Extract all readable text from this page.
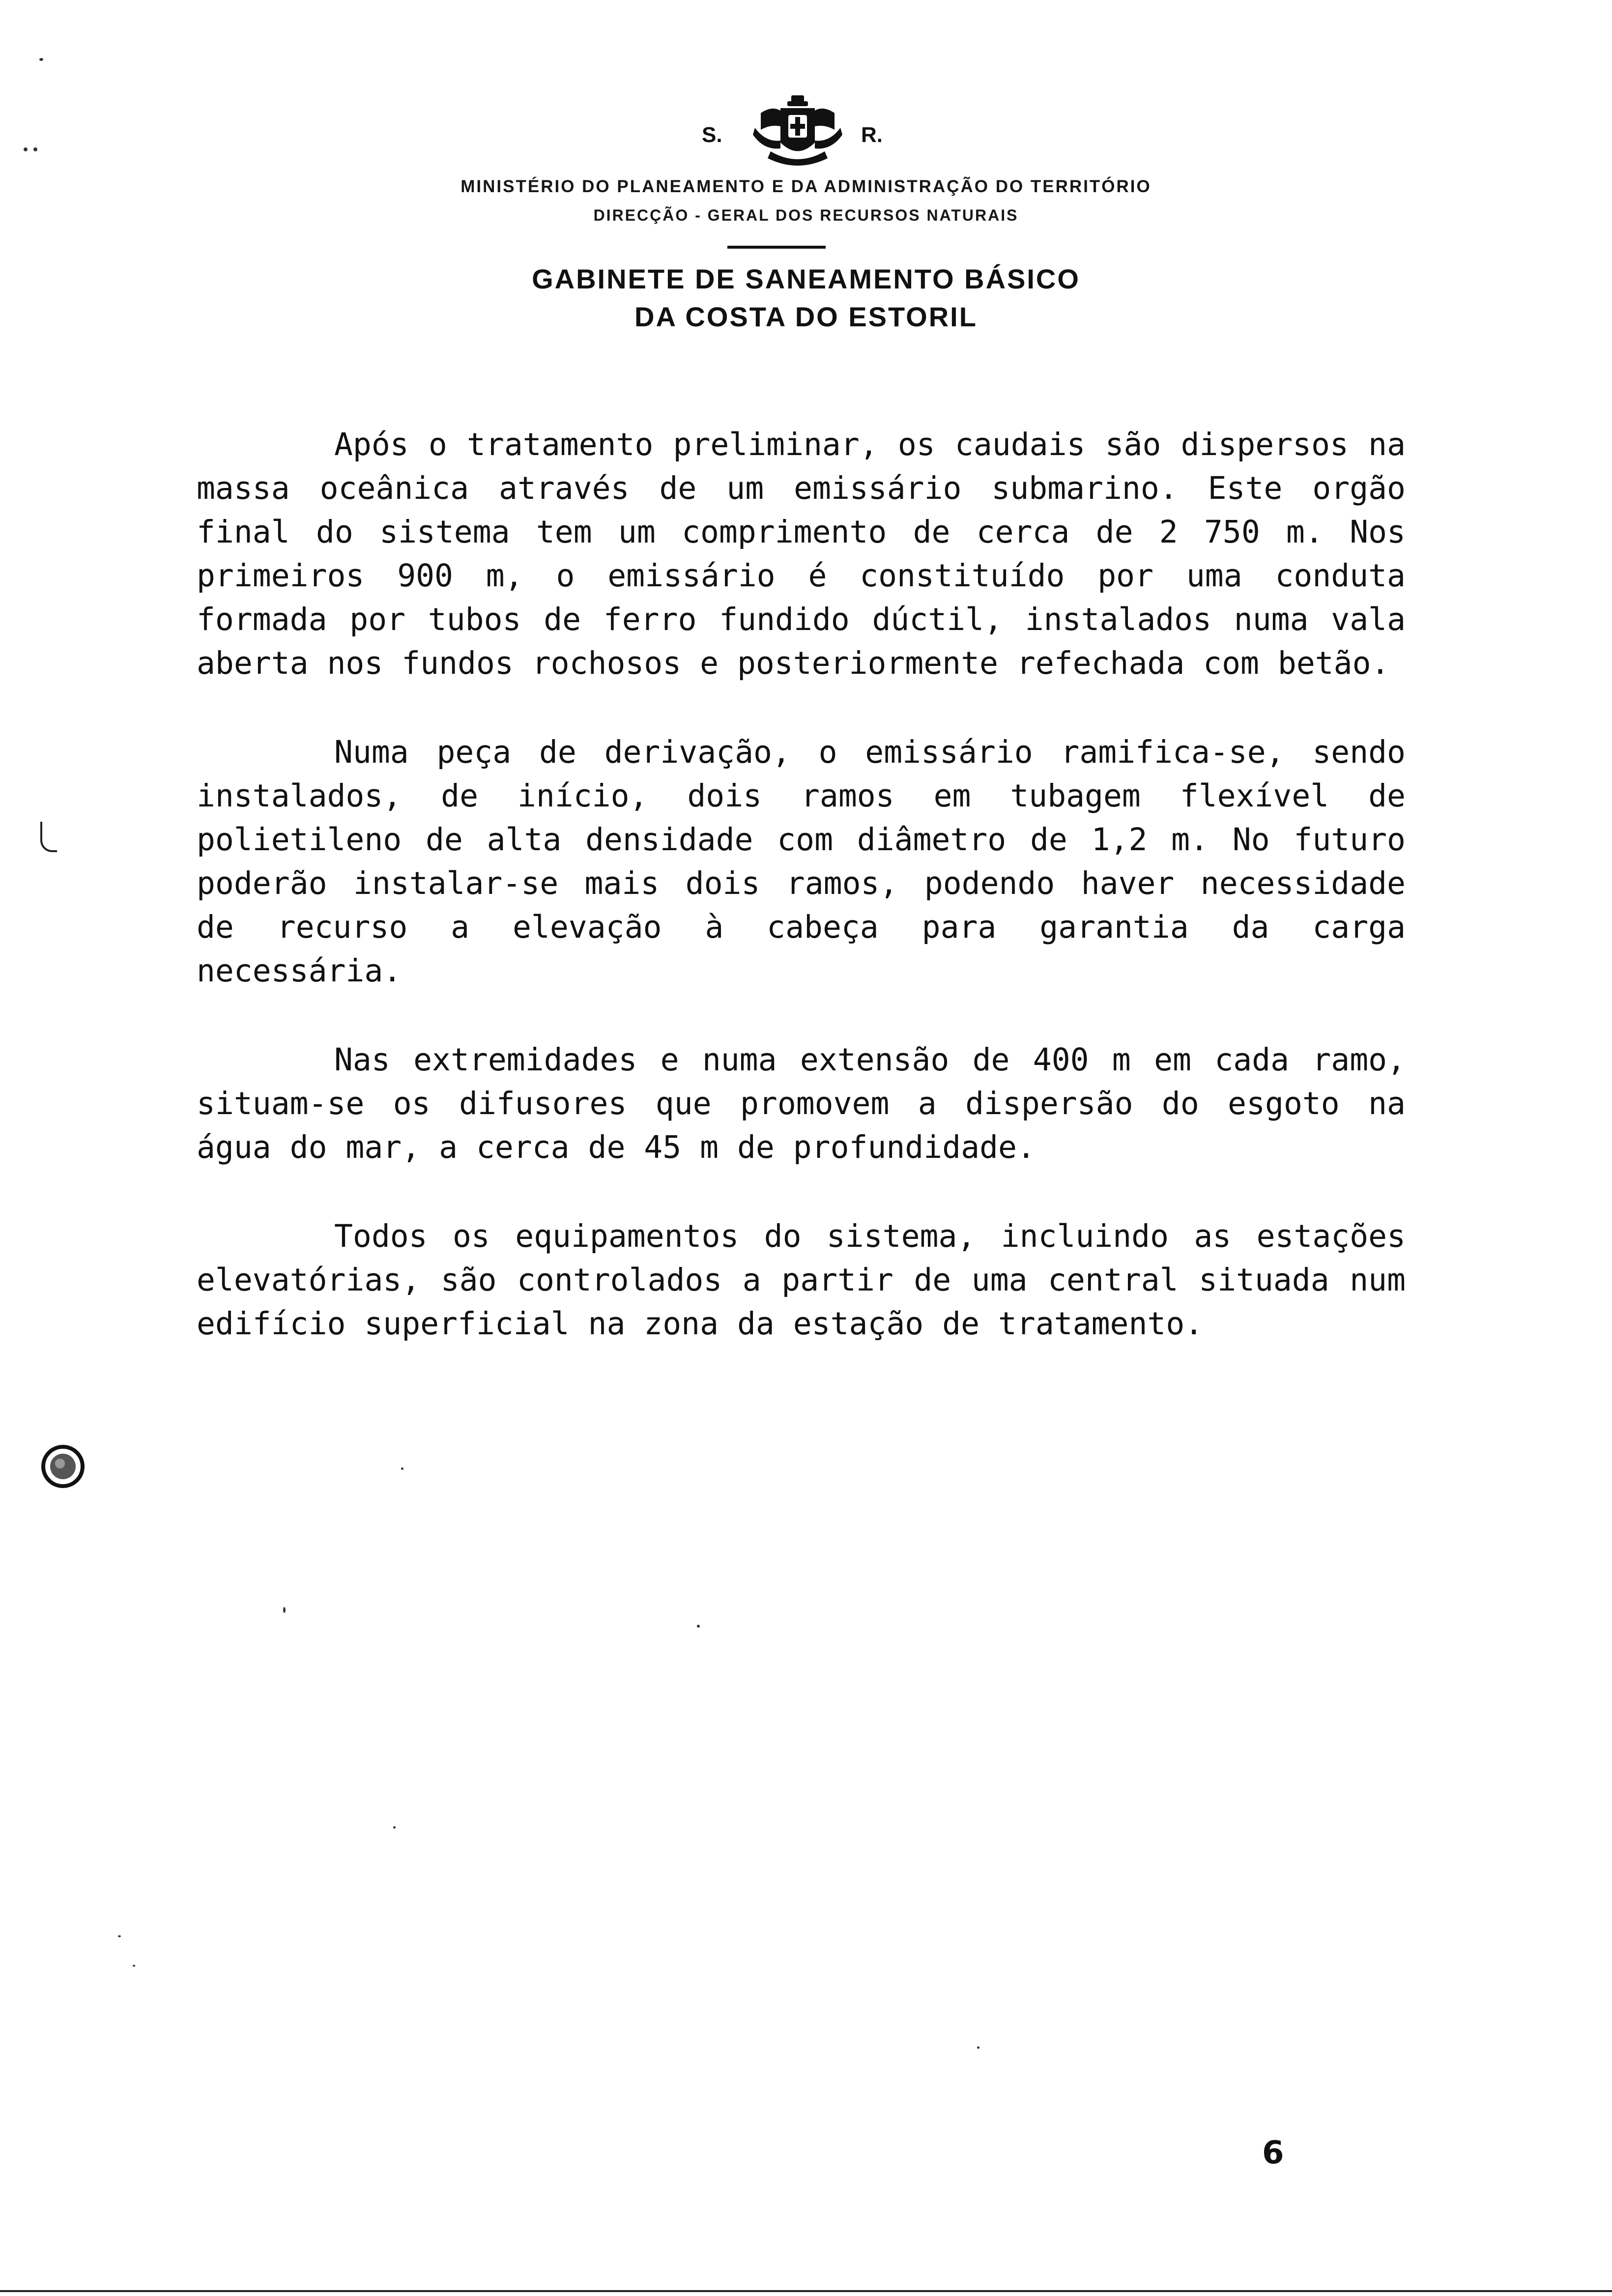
S.	R.
MINISTÉRIO DO PLANEAMENTO E DA ADMINISTRAÇÃO DO TERRITÓRIO
DIRECÇÃO - GERAL DOS RECURSOS NATURAIS
GABINETE DE SANEAMENTO BÁSICO
DA COSTA DO ESTORIL

Após o tratamento preliminar, os caudais são dispersos na massa oceânica através de um emissário submarino. Este orgão final do sistema tem um comprimento de cerca de 2 750 m. Nos primeiros 900 m, o emissário é constituído por uma conduta formada por tubos de ferro fundido dúctil, instalados numa vala aberta nos fundos rochosos e posteriormente refechada com betão.

Numa peça de derivação, o emissário ramifica-se, sendo instalados, de início, dois ramos em tubagem flexível de polietileno de alta densidade com diâmetro de 1,2 m. No futuro poderão instalar-se mais dois ramos, podendo haver necessidade de recurso a elevação à cabeça para garantia da carga necessária.

Nas extremidades e numa extensão de 400 m em cada ramo, situam-se os difusores que promovem a dispersão do esgoto na água do mar, a cerca de 45 m de profundidade.

Todos os equipamentos do sistema, incluindo as estações elevatórias, são controlados a partir de uma central situada num edifício superficial na zona da estação de tratamento.

6
